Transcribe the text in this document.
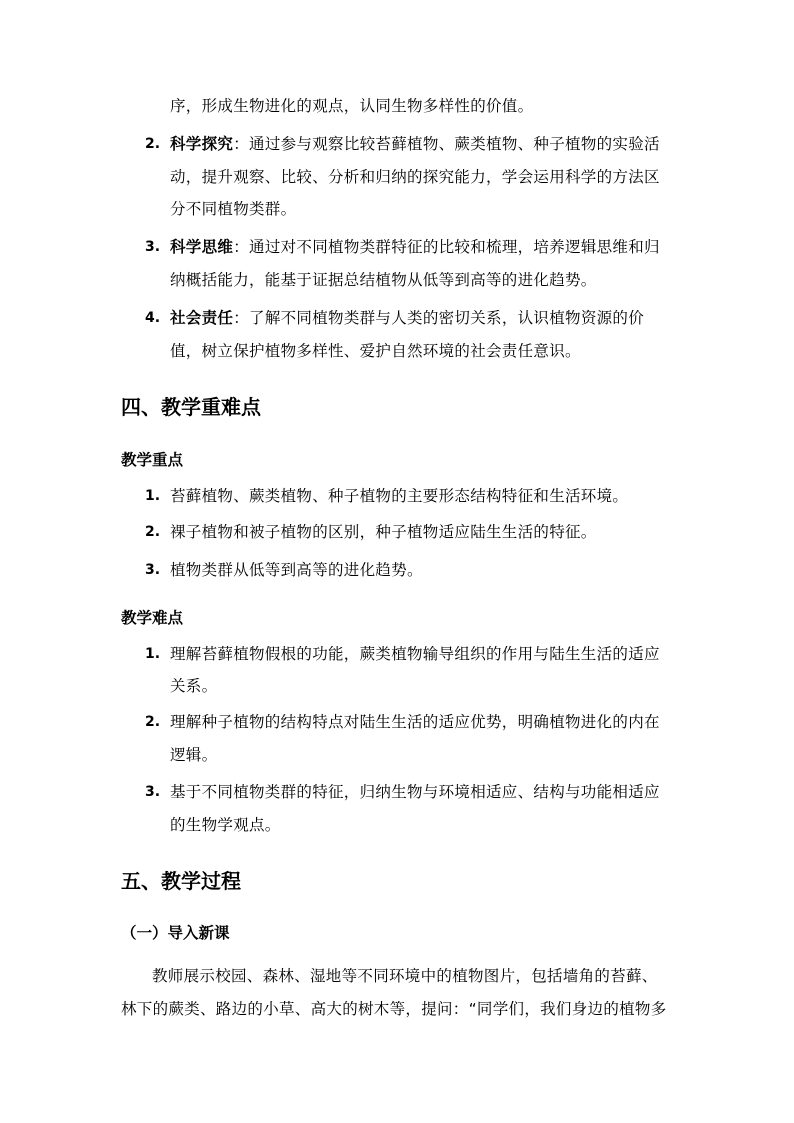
序，形成生物进化的观点，认同生物多样性的价值。
2. 科学探究：通过参与观察比较苔藓植物、蕨类植物、种子植物的实验活
动，提升观察、比较、分析和归纳的探究能力，学会运用科学的方法区
分不同植物类群。
3. 科学思维：通过对不同植物类群特征的比较和梳理，培养逻辑思维和归
纳概括能力，能基于证据总结植物从低等到高等的进化趋势。
4. 社会责任：了解不同植物类群与人类的密切关系，认识植物资源的价
值，树立保护植物多样性、爱护自然环境的社会责任意识。
四、教学重难点
教学重点
1. 苔藓植物、蕨类植物、种子植物的主要形态结构特征和生活环境。
2. 裸子植物和被子植物的区别，种子植物适应陆生生活的特征。
3. 植物类群从低等到高等的进化趋势。
教学难点
1. 理解苔藓植物假根的功能，蕨类植物输导组织的作用与陆生生活的适应
关系。
2. 理解种子植物的结构特点对陆生生活的适应优势，明确植物进化的内在
逻辑。
3. 基于不同植物类群的特征，归纳生物与环境相适应、结构与功能相适应
的生物学观点。
五、教学过程
（一）导入新课
教师展示校园、森林、湿地等不同环境中的植物图片，包括墙角的苔藓、
林下的蕨类、路边的小草、高大的树木等，提问：“同学们，我们身边的植物多
